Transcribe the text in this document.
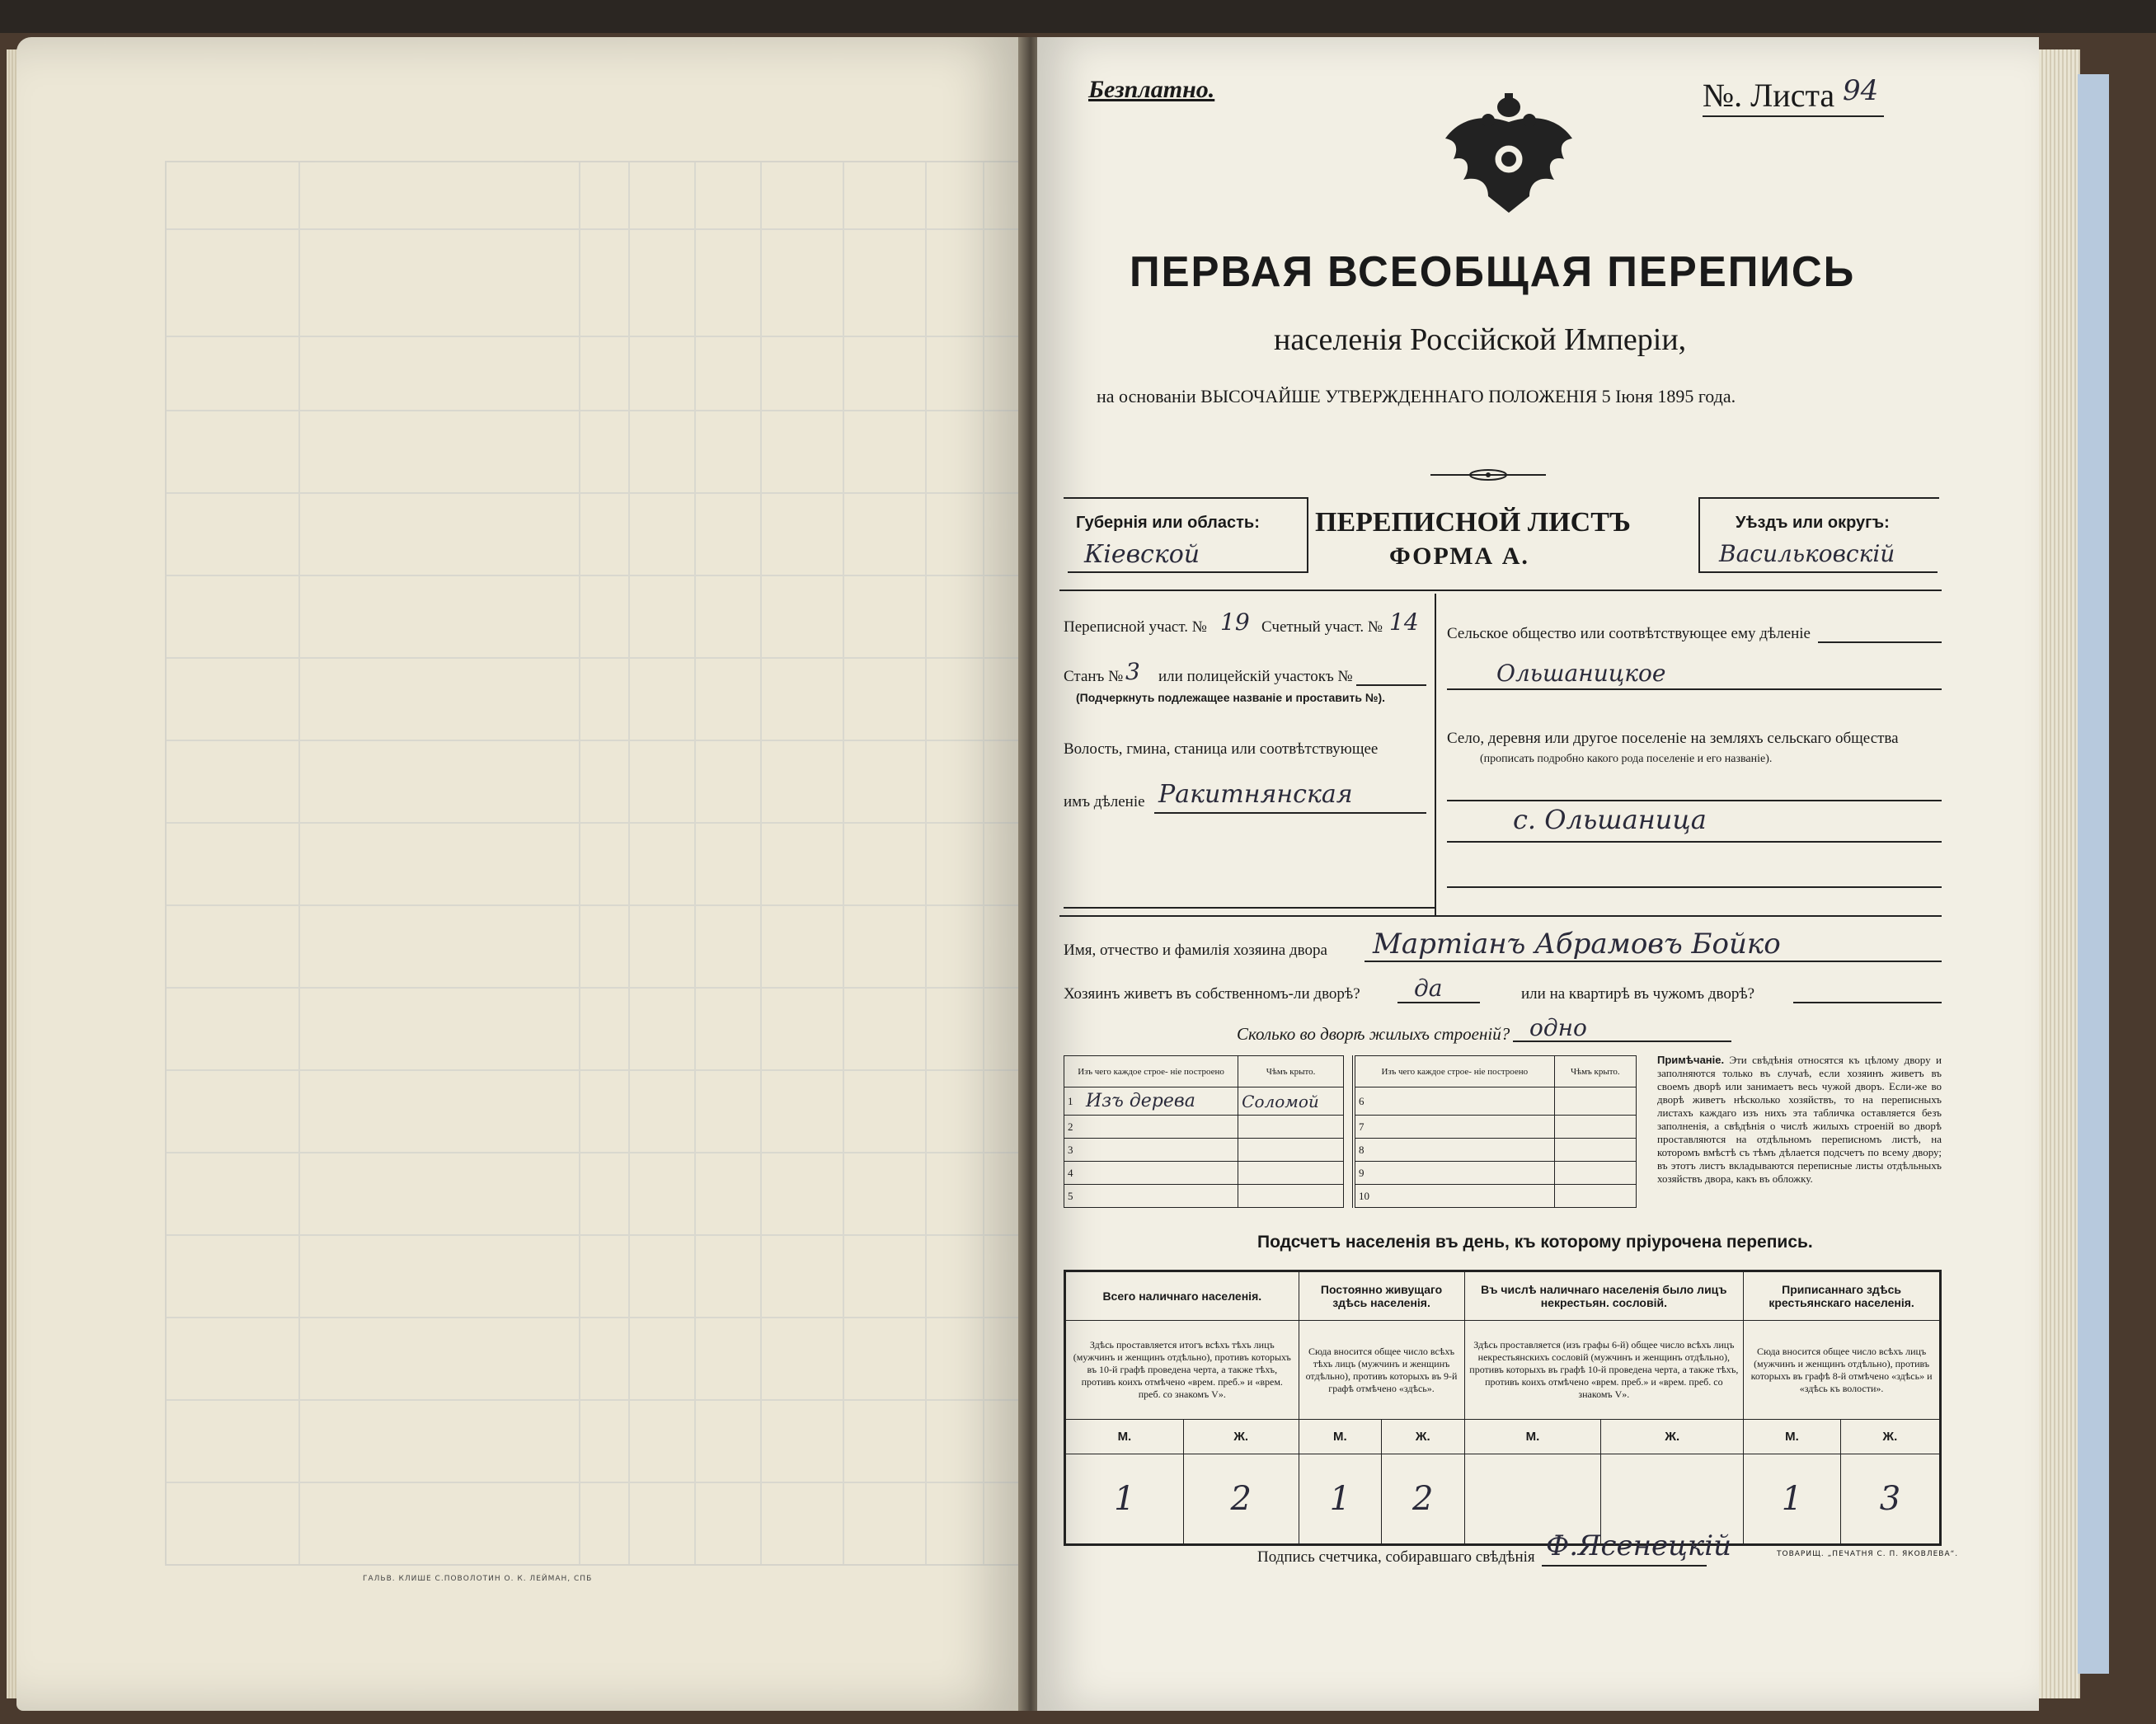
ГАЛЬВ. КЛИШЕ С.ПОВОЛОТИН О. К. ЛЕЙМАН, СПБ
Безплатно.	№. Листа 94
ПЕРВАЯ ВСЕОБЩАЯ ПЕРЕПИСЬ
населенія Россійской Имперіи,
на основаніи ВЫСОЧАЙШЕ УТВЕРЖДЕННАГО ПОЛОЖЕНІЯ 5 Іюня 1895 года.
Губернія или область:
Кіевской
ПЕРЕПИСНОЙ ЛИСТЪ
ФОРМА А.
Уѣздъ или округъ:
Васильковскій
Переписной участ. № 19 Счетный участ. № 14
Станъ № 3 или полицейскій участокъ №
(Подчеркнуть подлежащее названіе и проставить №).
Волость, гмина, станица или соотвѣтствующее
имъ дѣленіе Ракитнянская
Сельское общество или соотвѣтствующее ему дѣленіе
Ольшаницкое
Село, деревня или другое поселеніе на земляхъ сельскаго общества
(прописать подробно какого рода поселеніе и его названіе).
с. Ольшаница
Имя, отчество и фамилія хозяина двора Мартіанъ Абрамовъ Бойко
Хозяинъ живетъ въ собственномъ-ли дворѣ? да	или на квартирѣ въ чужомъ дворѣ?
Сколько во дворѣ жилыхъ строеній? одно
Изъ чего каждое строе- ніе построено		Чѣмъ крыто.
1	Изъ дерева	Соломой
2		
3		
4		
5		
Изъ чего каждое строе- ніе построено		Чѣмъ крыто.
6		
7		
8		
9		
10		
Примѣчаніе. Эти свѣдѣнія относятся къ цѣлому двору и заполняются только въ случаѣ, если хозяинъ живетъ въ своемъ дворѣ или занимаетъ весь чужой дворъ. Если-же во дворѣ живетъ нѣсколько хозяйствъ, то на переписныхъ листахъ каждаго изъ нихъ эта табличка оставляется безъ заполненія, а свѣдѣнія о числѣ жилыхъ строеній во дворѣ проставляются на отдѣльномъ переписномъ листѣ, на которомъ вмѣстѣ съ тѣмъ дѣлается подсчетъ по всему двору; въ этотъ листъ вкладываются переписные листы отдѣльныхъ хозяйствъ двора, какъ въ обложку.
Подсчетъ населенія въ день, къ которому пріурочена перепись.
Всего наличнаго населенія.		Постоянно живущаго здѣсь населенія.		Въ числѣ наличнаго населенія было лицъ некрестьян. сословій.		Приписаннаго здѣсь крестьянскаго населенія.	
Здѣсь проставляется итогъ всѣхъ тѣхъ лицъ (мужчинъ и женщинъ отдѣльно), противъ которыхъ въ 10-й графѣ проведена черта, а также тѣхъ, противъ коихъ отмѣчено «врем. преб.» и «врем. преб. со знакомъ V».		Сюда вносится общее число всѣхъ тѣхъ лицъ (мужчинъ и женщинъ отдѣльно), противъ которыхъ въ 9-й графѣ отмѣчено «здѣсь».		Здѣсь проставляется (изъ графы 6-й) общее число всѣхъ лицъ некрестьянскихъ сословій (мужчинъ и женщинъ отдѣльно), противъ которыхъ въ графѣ 10-й проведена черта, а также тѣхъ, противъ коихъ отмѣчено «врем. преб.» и «врем. преб. со знакомъ V».		Сюда вносится общее число всѣхъ лицъ (мужчинъ и женщинъ отдѣльно), противъ которыхъ въ графѣ 8-й отмѣчено «здѣсь» и «здѣсь къ волости».	
М.	Ж.	М.	Ж.	М.	Ж.	М.	Ж.
1	2	1	2			1	3
Подпись счетчика, собиравшаго свѣдѣнія Ф.Ясенецкій	ТОВАРИЩ. „ПЕЧАТНЯ С. П. ЯКОВЛЕВА“.
